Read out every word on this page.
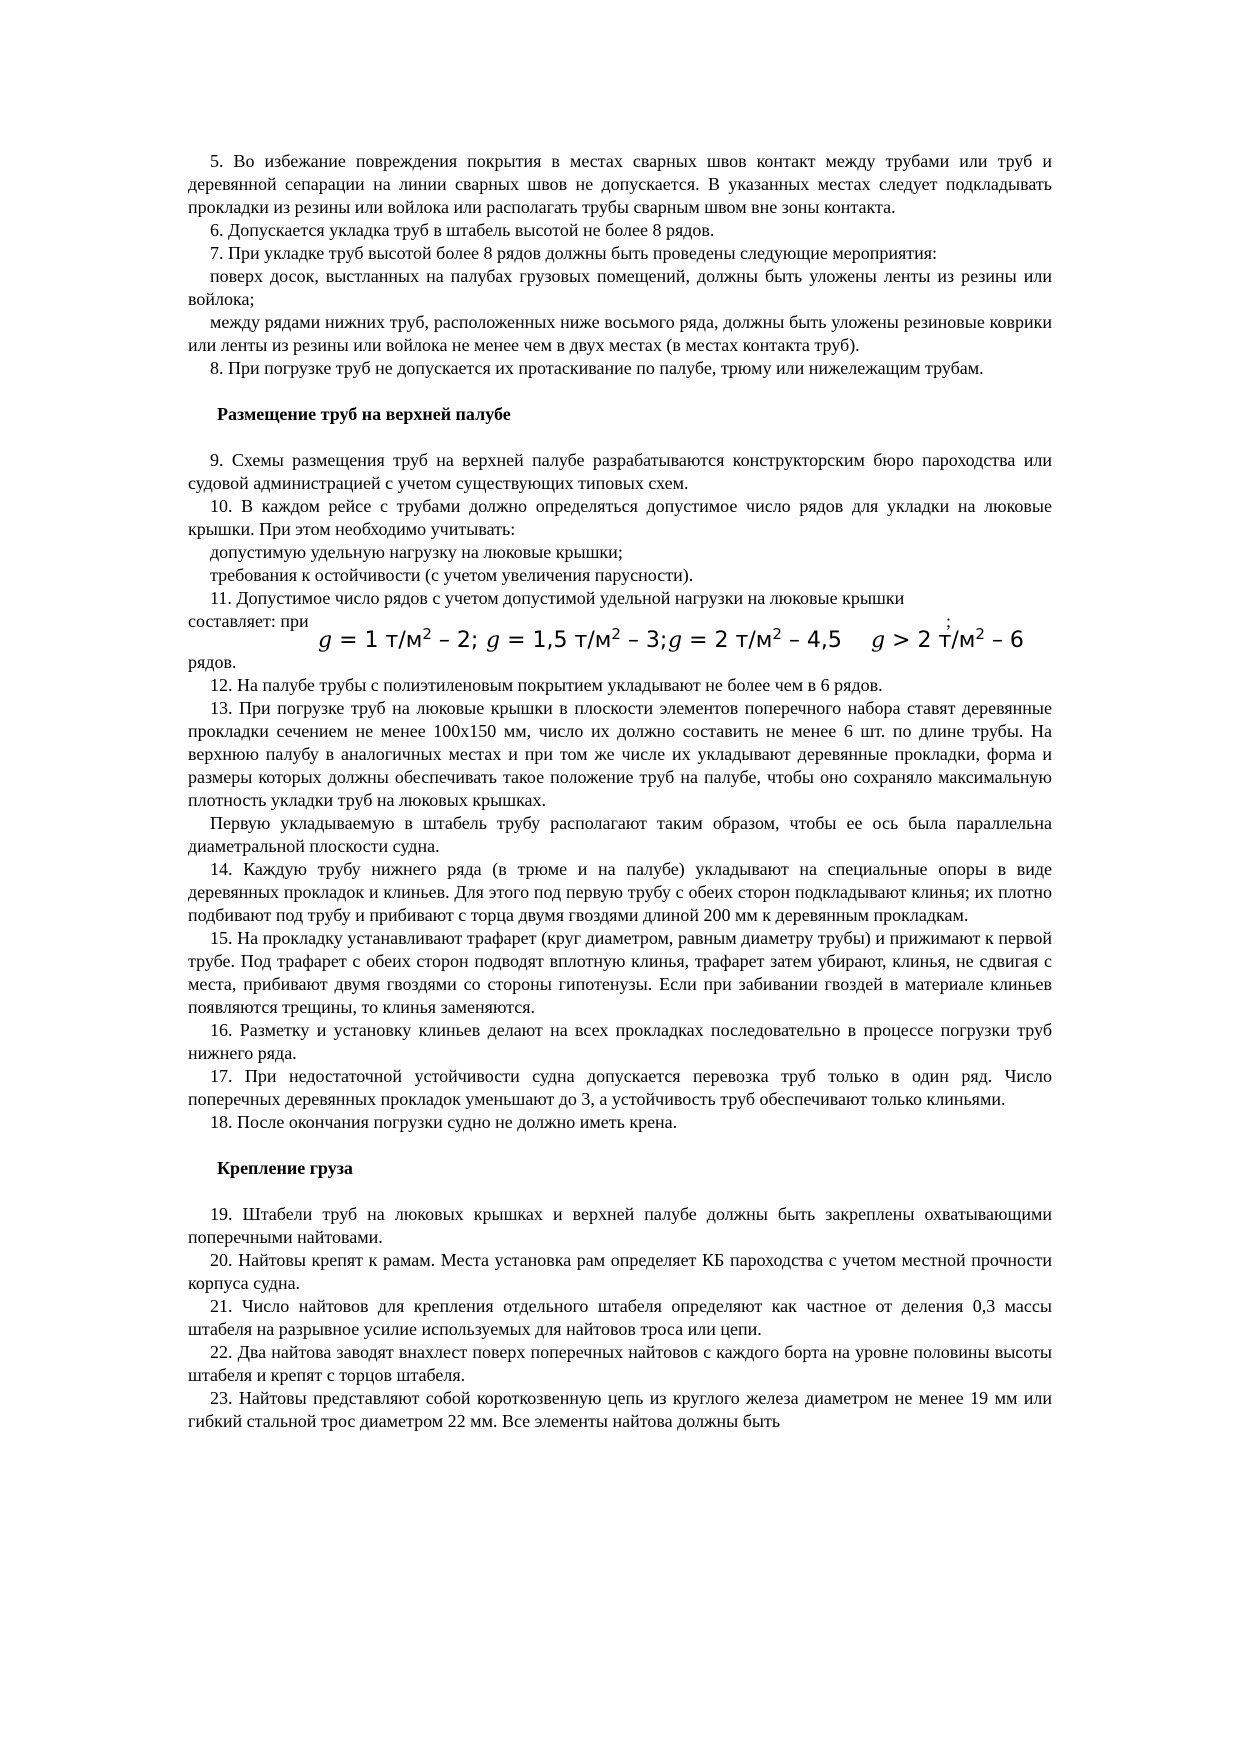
5. Во избежание повреждения покрытия в местах сварных швов контакт между трубами или труб и деревянной сепарации на линии сварных швов не допускается. В указанных местах следует подкладывать прокладки из резины или войлока или располагать трубы сварным швом вне зоны контакта.

6. Допускается укладка труб в штабель высотой не более 8 рядов.

7. При укладке труб высотой более 8 рядов должны быть проведены следующие мероприятия:

поверх досок, выстланных на палубах грузовых помещений, должны быть уложены ленты из резины или войлока;

между рядами нижних труб, расположенных ниже восьмого ряда, должны быть уложены резиновые коврики или ленты из резины или войлока не менее чем в двух местах (в местах контакта труб).

8. При погрузке труб не допускается их протаскивание по палубе, трюму или нижележащим трубам.

Размещение труб на верхней палубе

9. Схемы размещения труб на верхней палубе разрабатываются конструкторским бюро пароходства или судовой администрацией с учетом существующих типовых схем.

10. В каждом рейсе с трубами должно определяться допустимое число рядов для укладки на люковые крышки. При этом необходимо учитывать:

допустимую удельную нагрузку на люковые крышки;

требования к остойчивости (с учетом увеличения парусности).

11. Допустимое число рядов с учетом допустимой удельной нагрузки на люковые крышки

составляет: при	;
g = 1 $т/м^2 - 2$; g = 1,5 $т/м^2 - 3$; g = 2 $т/м^2 - 4,5$ g > 2 $т/м^2 - 6$

рядов.

12. На палубе трубы с полиэтиленовым покрытием укладывают не более чем в 6 рядов.

13. При погрузке труб на люковые крышки в плоскости элементов поперечного набора ставят деревянные прокладки сечением не менее 100х150 мм, число их должно составить не менее 6 шт. по длине трубы. На верхнюю палубу в аналогичных местах и при том же числе их укладывают деревянные прокладки, форма и размеры которых должны обеспечивать такое положение труб на палубе, чтобы оно сохраняло максимальную плотность укладки труб на люковых крышках.

Первую укладываемую в штабель трубу располагают таким образом, чтобы ее ось была параллельна диаметральной плоскости судна.

14. Каждую трубу нижнего ряда (в трюме и на палубе) укладывают на специальные опоры в виде деревянных прокладок и клиньев. Для этого под первую трубу с обеих сторон подкладывают клинья; их плотно подбивают под трубу и прибивают с торца двумя гвоздями длиной 200 мм к деревянным прокладкам.

15. На прокладку устанавливают трафарет (круг диаметром, равным диаметру трубы) и прижимают к первой трубе. Под трафарет с обеих сторон подводят вплотную клинья, трафарет затем убирают, клинья, не сдвигая с места, прибивают двумя гвоздями со стороны гипотенузы. Если при забивании гвоздей в материале клиньев появляются трещины, то клинья заменяются.

16. Разметку и установку клиньев делают на всех прокладках последовательно в процессе погрузки труб нижнего ряда.

17. При недостаточной устойчивости судна допускается перевозка труб только в один ряд. Число поперечных деревянных прокладок уменьшают до 3, а устойчивость труб обеспечивают только клиньями.

18. После окончания погрузки судно не должно иметь крена.

Крепление груза

19. Штабели труб на люковых крышках и верхней палубе должны быть закреплены охватывающими поперечными найтовами.

20. Найтовы крепят к рамам. Места установка рам определяет КБ пароходства с учетом местной прочности корпуса судна.

21. Число найтовов для крепления отдельного штабеля определяют как частное от деления 0,3 массы штабеля на разрывное усилие используемых для найтовов троса или цепи.

22. Два найтова заводят внахлест поверх поперечных найтовов с каждого борта на уровне половины высоты штабеля и крепят с торцов штабеля.

23. Найтовы представляют собой короткозвенную цепь из круглого железа диаметром не менее 19 мм или гибкий стальной трос диаметром 22 мм. Все элементы найтова должны быть
